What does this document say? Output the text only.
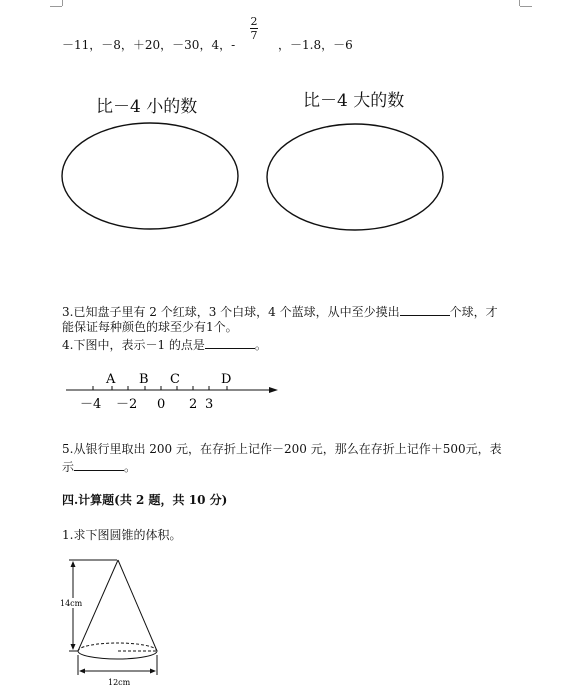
－11，－8，＋20，－30，4，-
2
7
，－1.8，－6
比－4 小的数	比－4 大的数
3.已知盘子里有 2 个红球，3 个白球，4 个蓝球，从中至少摸出	个球，才
能保证每种颜色的球至少有1个。
4.下图中，表示－1 的点是	。
A B C	D
－4 －2 0 2 3
5.从银行里取出 200 元，在存折上记作－200 元，那么在存折上记作＋500元，表
示	。
四.计算题(共 2 题，共 10 分)
1.求下图圆锥的体积。
14cm
12cm
